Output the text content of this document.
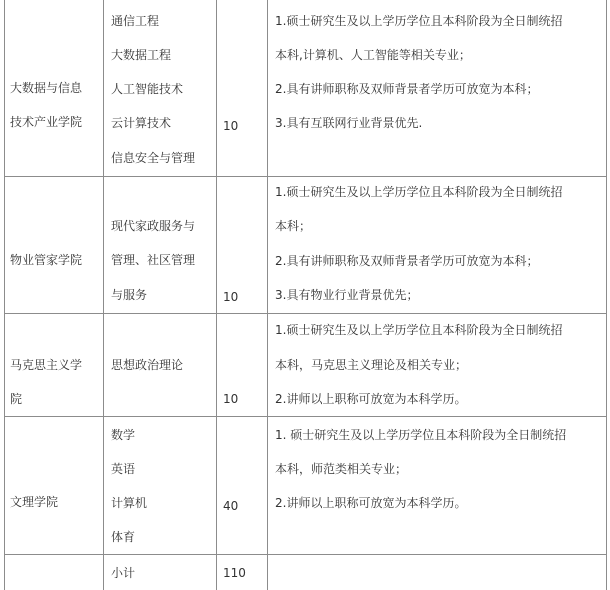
大数据与信息
技术产业学院
通信工程
大数据工程
人工智能技术
云计算技术
信息安全与管理
10
1.硕士研究生及以上学历学位且本科阶段为全日制统招
本科,计算机、人工智能等相关专业；
2.具有讲师职称及双师背景者学历可放宽为本科；
3.具有互联网行业背景优先.
物业管家学院
现代家政服务与
管理、社区管理
与服务	10
1.硕士研究生及以上学历学位且本科阶段为全日制统招
本科；
2.具有讲师职称及双师背景者学历可放宽为本科；
3.具有物业行业背景优先；
马克思主义学
院
思想政治理论
10
1.硕士研究生及以上学历学位且本科阶段为全日制统招
本科，马克思主义理论及相关专业；
2.讲师以上职称可放宽为本科学历。
文理学院
数学
英语
计算机
体育
40
1. 硕士研究生及以上学历学位且本科阶段为全日制统招
本科，师范类相关专业；
2.讲师以上职称可放宽为本科学历。
小计	110
